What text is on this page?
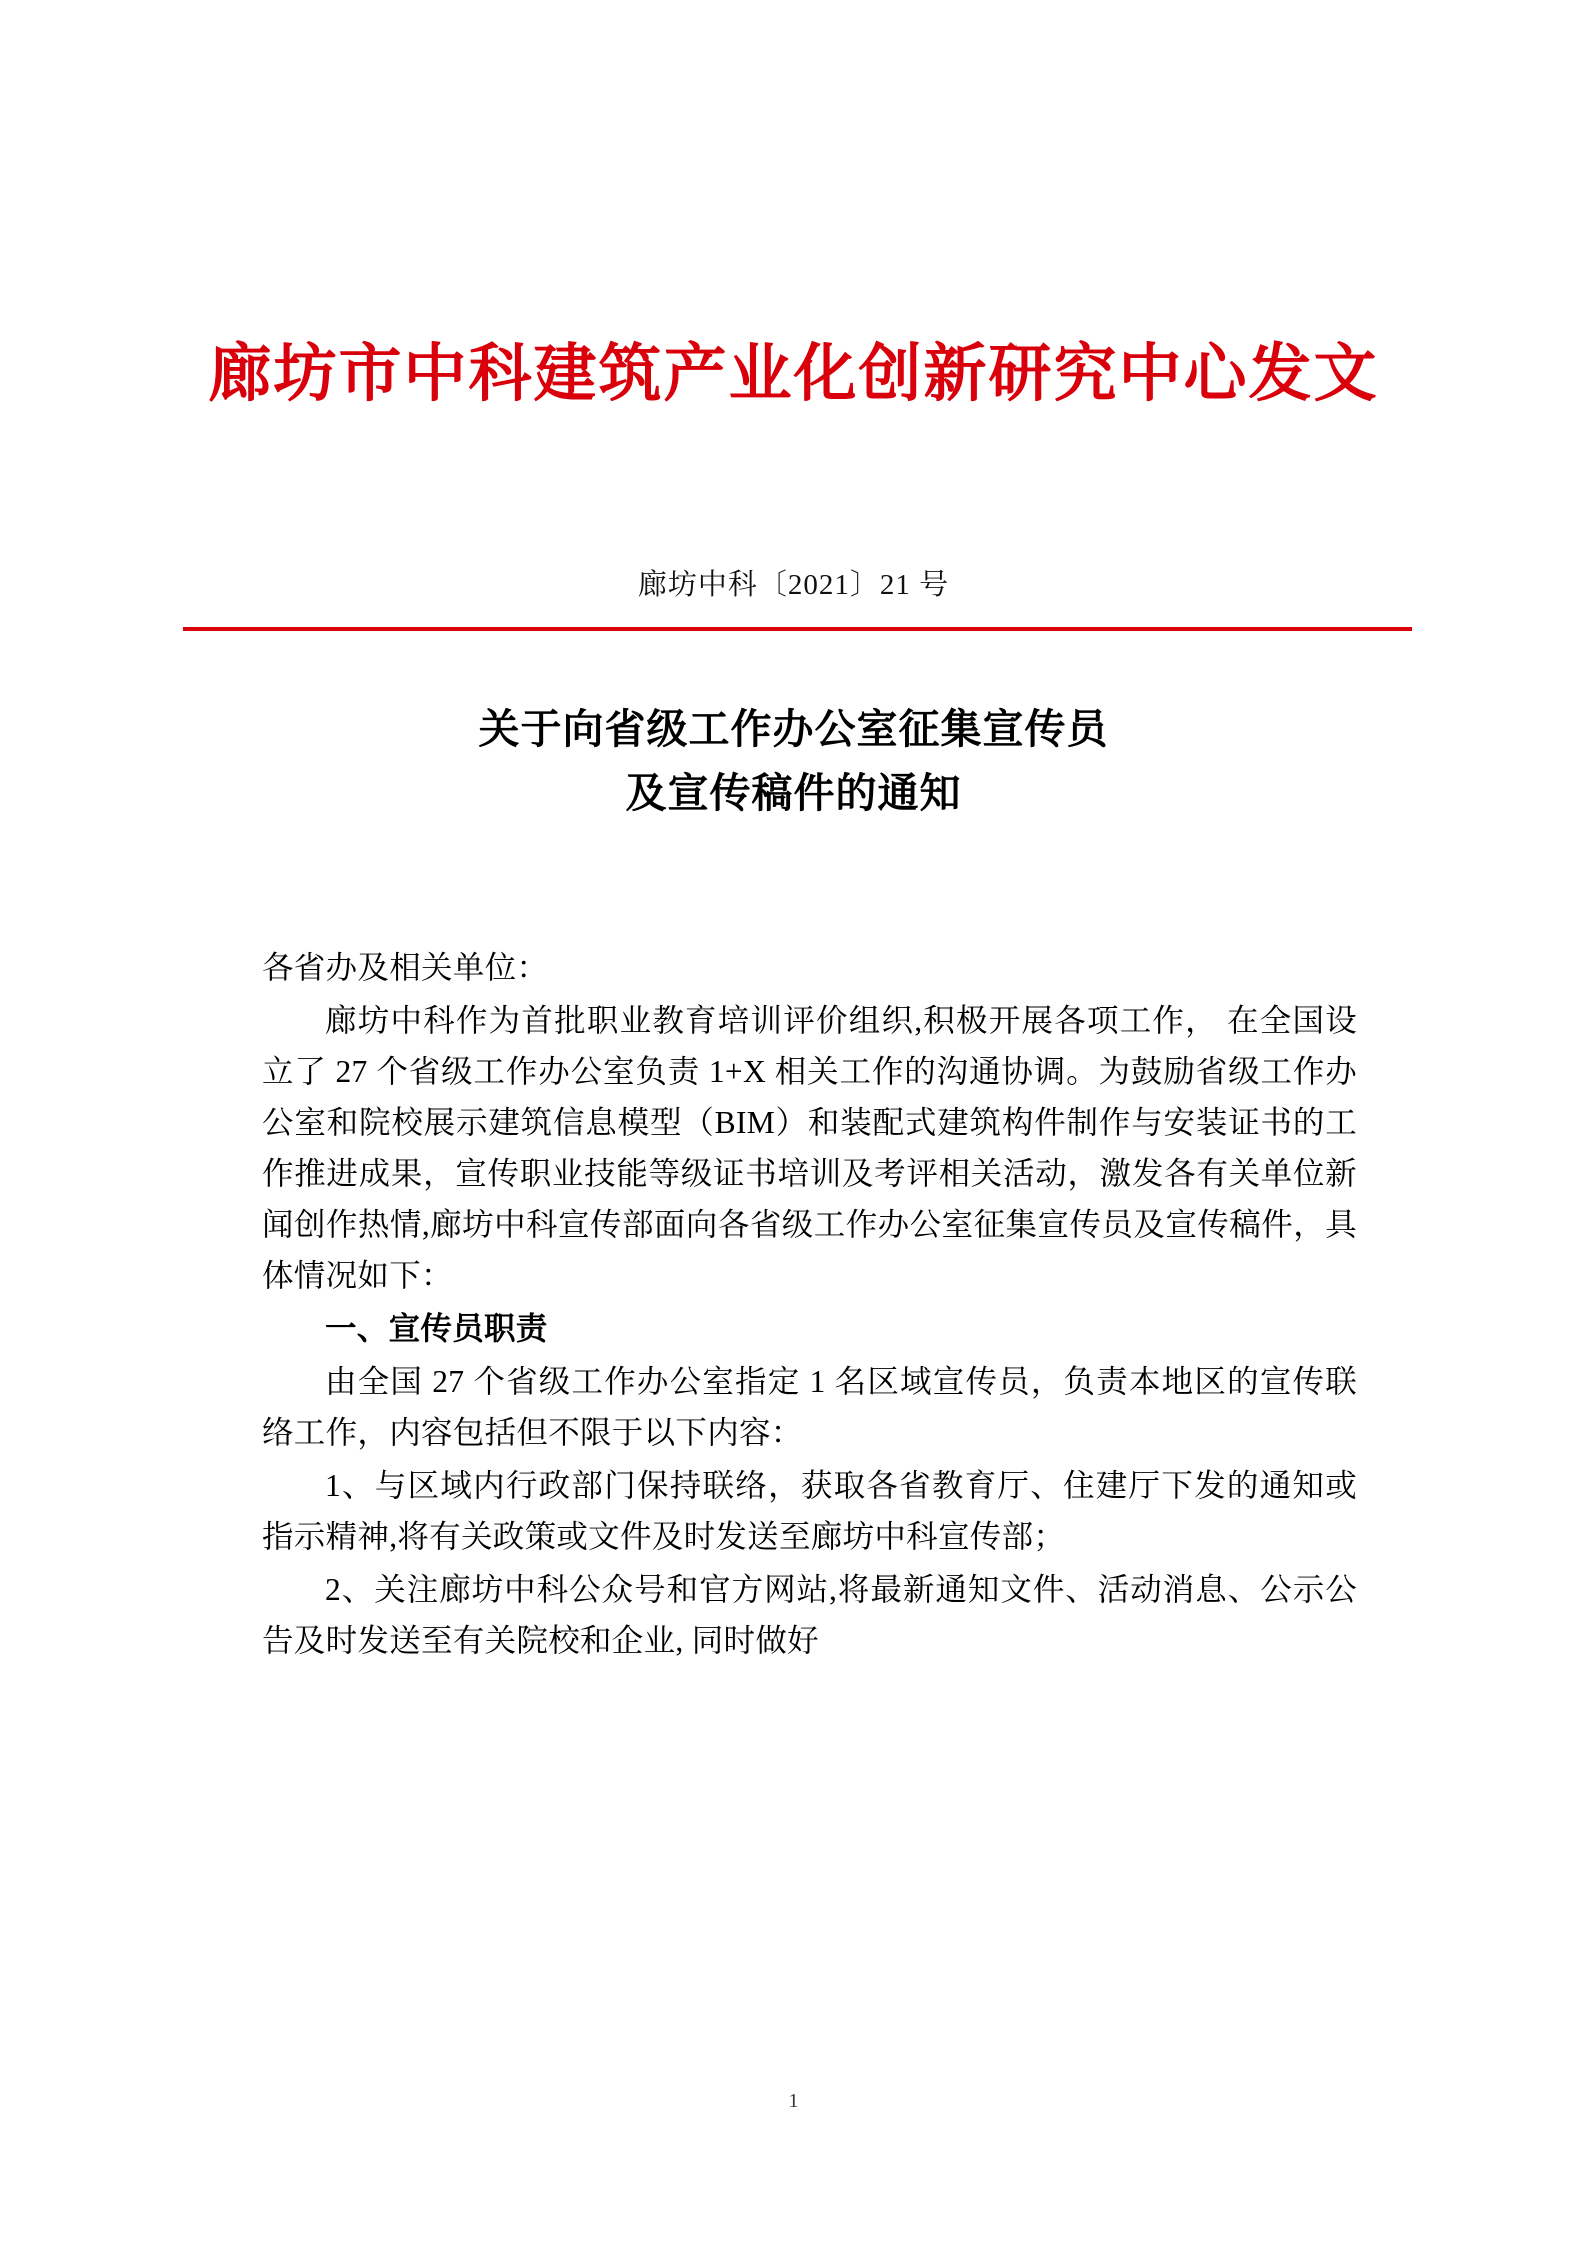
廊坊市中科建筑产业化创新研究中心发文
廊坊中科〔2021〕21 号
关于向省级工作办公室征集宣传员
及宣传稿件的通知

各省办及相关单位：

廊坊中科作为首批职业教育培训评价组织,积极开展各项工作， 在全国设立了 27 个省级工作办公室负责 1+X 相关工作的沟通协调。为鼓励省级工作办公室和院校展示建筑信息模型（BIM）和装配式建筑构件制作与安装证书的工作推进成果，宣传职业技能等级证书培训及考评相关活动，激发各有关单位新闻创作热情,廊坊中科宣传部面向各省级工作办公室征集宣传员及宣传稿件，具体情况如下：

一、宣传员职责

由全国 27 个省级工作办公室指定 1 名区域宣传员，负责本地区的宣传联络工作，内容包括但不限于以下内容：

1、与区域内行政部门保持联络，获取各省教育厅、住建厅下发的通知或指示精神,将有关政策或文件及时发送至廊坊中科宣传部；

2、关注廊坊中科公众号和官方网站,将最新通知文件、活动消息、公示公告及时发送至有关院校和企业, 同时做好

1
